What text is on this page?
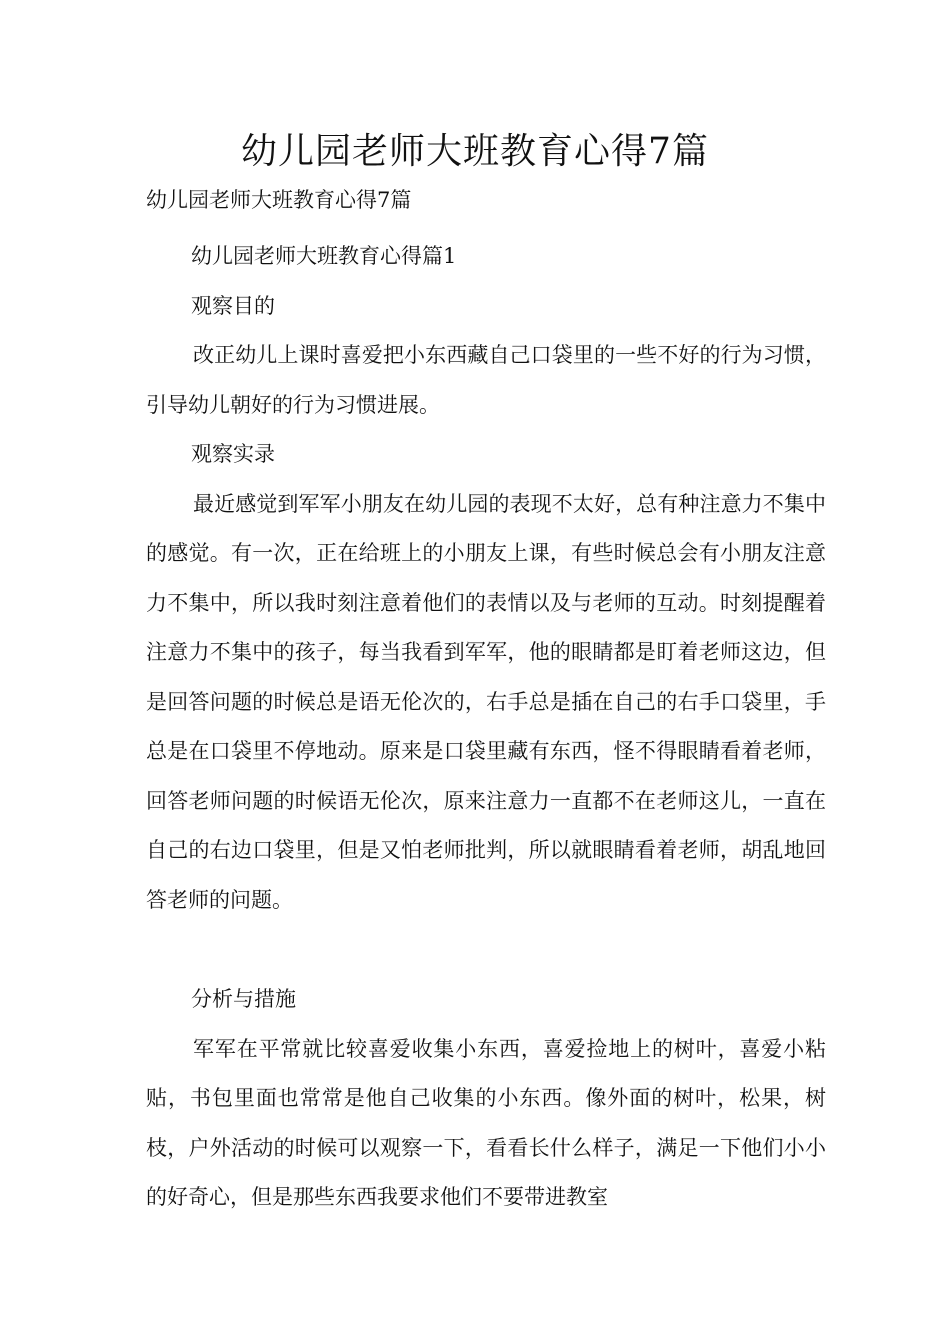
幼儿园老师大班教育心得7篇

幼儿园老师大班教育心得7篇

幼儿园老师大班教育心得篇1

观察目的

改正幼儿上课时喜爱把小东西藏自己口袋里的一些不好的行为习惯，引导幼儿朝好的行为习惯进展。

观察实录

最近感觉到军军小朋友在幼儿园的表现不太好，总有种注意力不集中的感觉。有一次，正在给班上的小朋友上课，有些时候总会有小朋友注意力不集中，所以我时刻注意着他们的表情以及与老师的互动。时刻提醒着注意力不集中的孩子，每当我看到军军，他的眼睛都是盯着老师这边，但是回答问题的时候总是语无伦次的，右手总是插在自己的右手口袋里，手总是在口袋里不停地动。原来是口袋里藏有东西，怪不得眼睛看着老师，回答老师问题的时候语无伦次，原来注意力一直都不在老师这儿，一直在自己的右边口袋里，但是又怕老师批判，所以就眼睛看着老师，胡乱地回答老师的问题。

分析与措施

军军在平常就比较喜爱收集小东西，喜爱捡地上的树叶，喜爱小粘贴，书包里面也常常是他自己收集的小东西。像外面的树叶，松果，树枝，户外活动的时候可以观察一下，看看长什么样子，满足一下他们小小的好奇心，但是那些东西我要求他们不要带进教室
